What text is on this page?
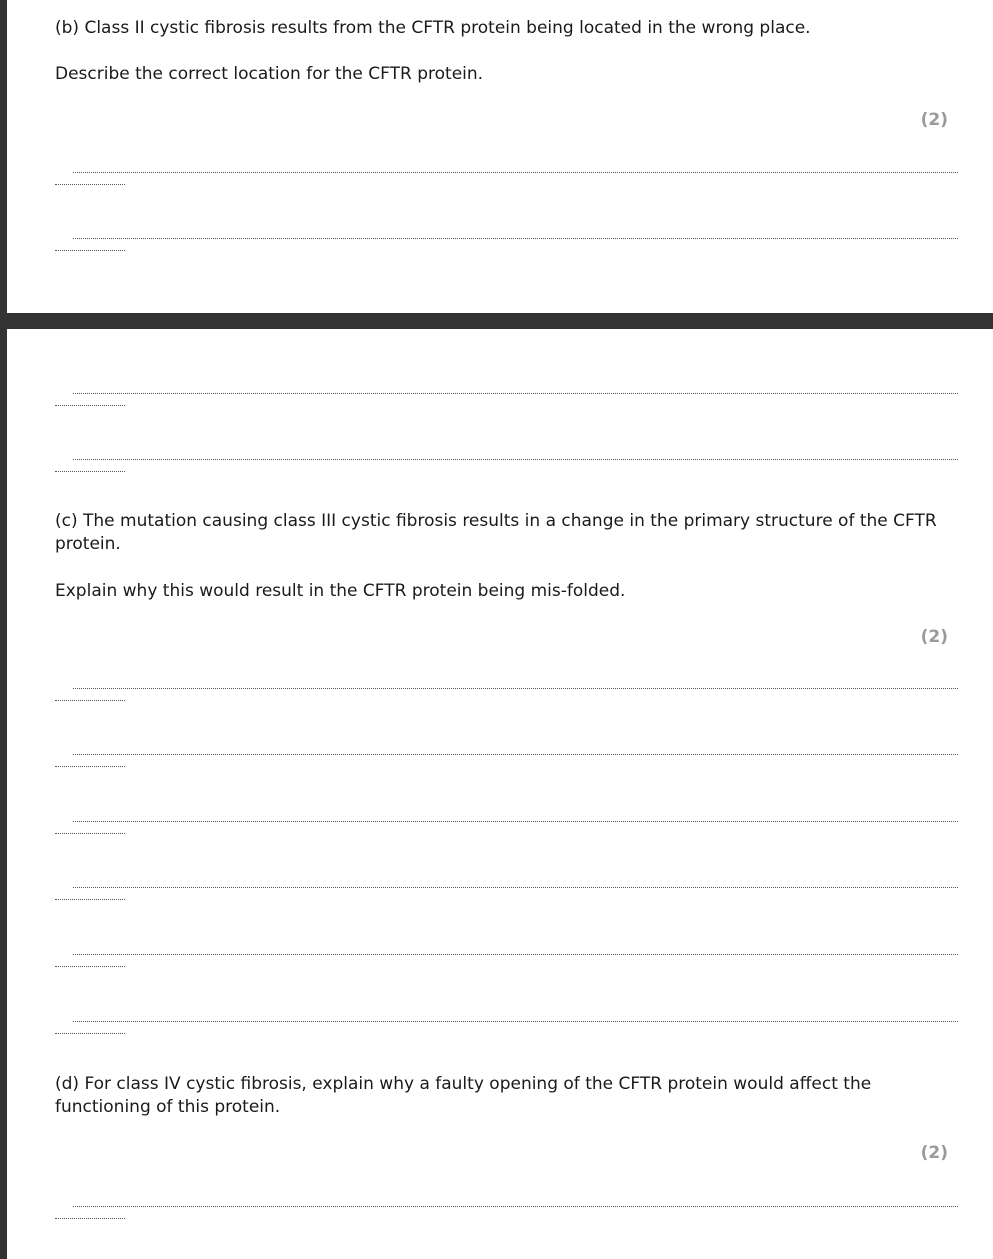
(b) Class II cystic fibrosis results from the CFTR protein being located in the wrong place.

Describe the correct location for the CFTR protein.

(2)

(c) The mutation causing class III cystic fibrosis results in a change in the primary structure of the CFTR protein.

Explain why this would result in the CFTR protein being mis-folded.

(2)

(d) For class IV cystic fibrosis, explain why a faulty opening of the CFTR protein would affect the functioning of this protein.

(2)
